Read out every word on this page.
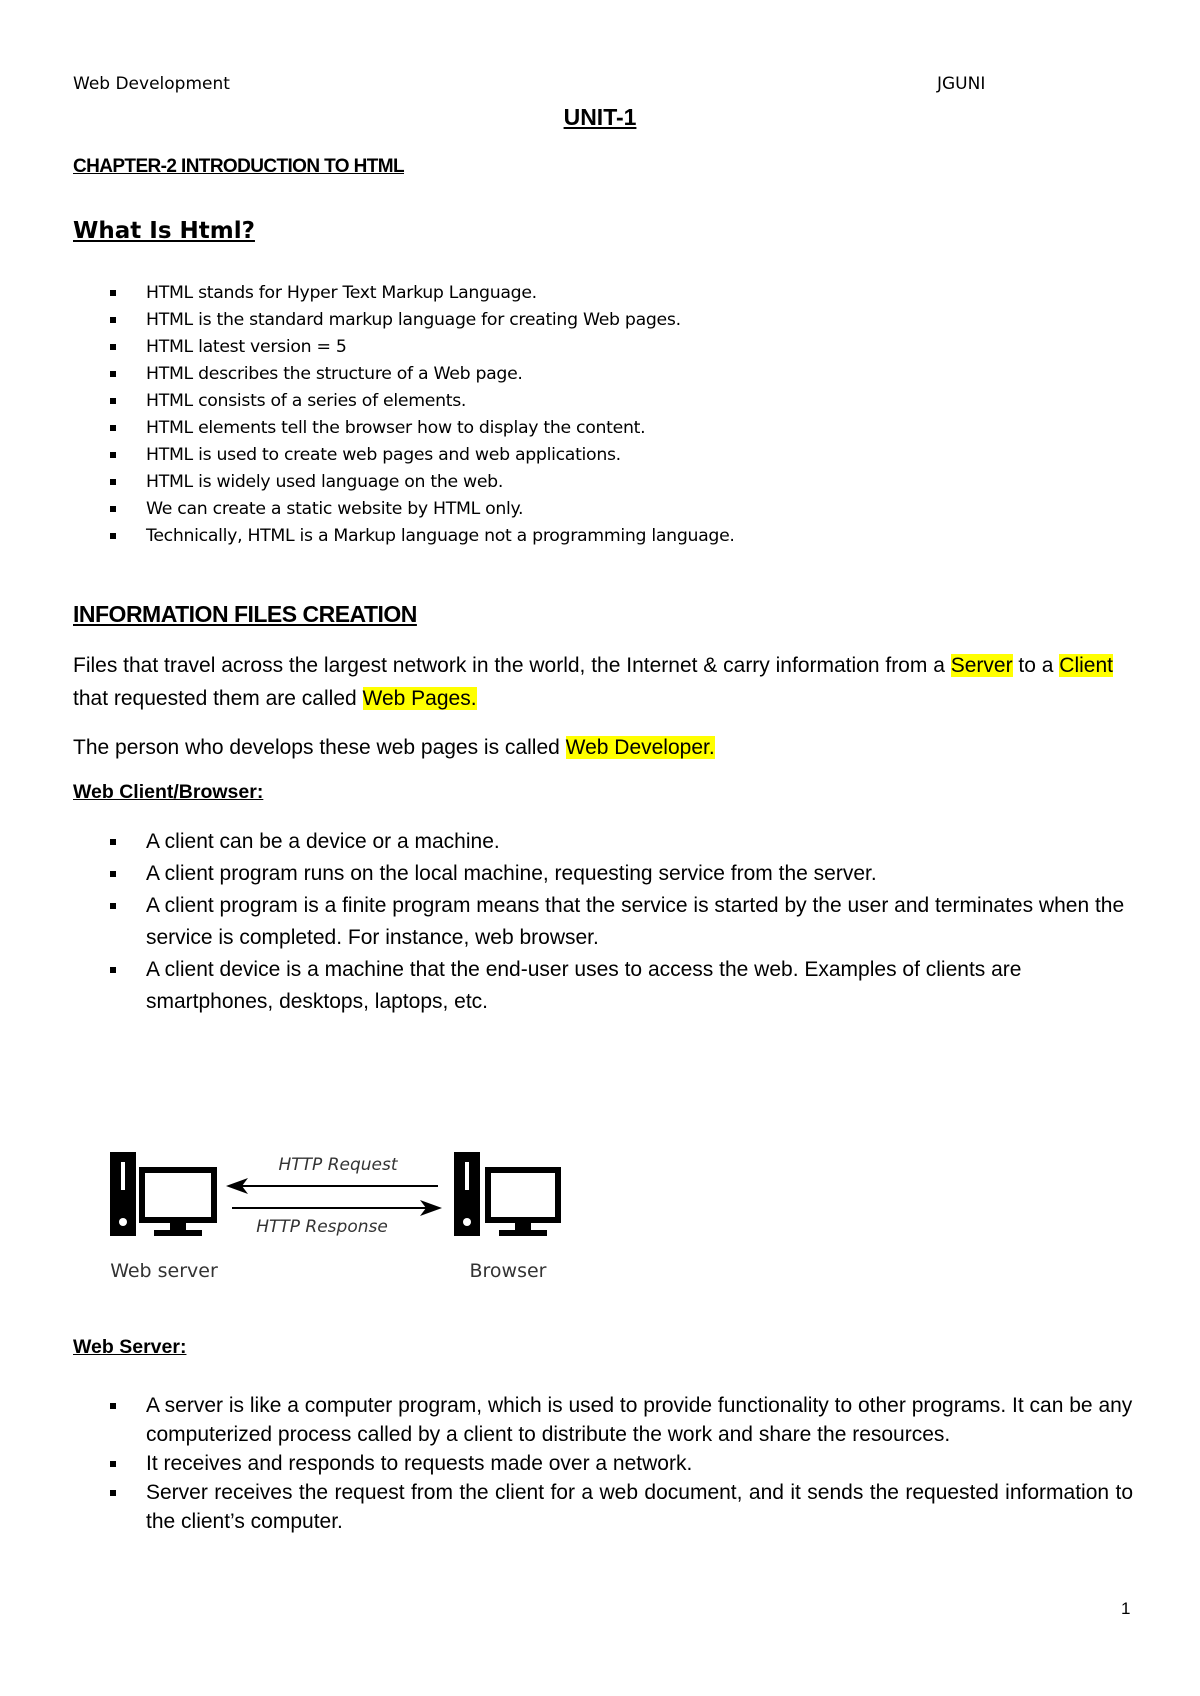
Web Development	JGUNI
UNIT-1
CHAPTER-2 INTRODUCTION TO HTML
What Is Html?
HTML stands for Hyper Text Markup Language.
HTML is the standard markup language for creating Web pages.
HTML latest version = 5
HTML describes the structure of a Web page.
HTML consists of a series of elements.
HTML elements tell the browser how to display the content.
HTML is used to create web pages and web applications.
HTML is widely used language on the web.
We can create a static website by HTML only.
Technically, HTML is a Markup language not a programming language.
INFORMATION FILES CREATION
Files that travel across the largest network in the world, the Internet & carry information from a Server to a Client that requested them are called Web Pages.
The person who develops these web pages is called Web Developer.
Web Client/Browser:
A client can be a device or a machine.
A client program runs on the local machine, requesting service from the server.
A client program is a finite program means that the service is started by the user and terminates when the service is completed. For instance, web browser.
A client device is a machine that the end-user uses to access the web. Examples of clients are smartphones, desktops, laptops, etc.
HTTP Request
HTTP Response
Web server	Browser
Web Server:
A server is like a computer program, which is used to provide functionality to other programs. It can be any computerized process called by a client to distribute the work and share the resources.
It receives and responds to requests made over a network.
Server receives the request from the client for a web document, and it sends the requested information to the client’s computer.
1
